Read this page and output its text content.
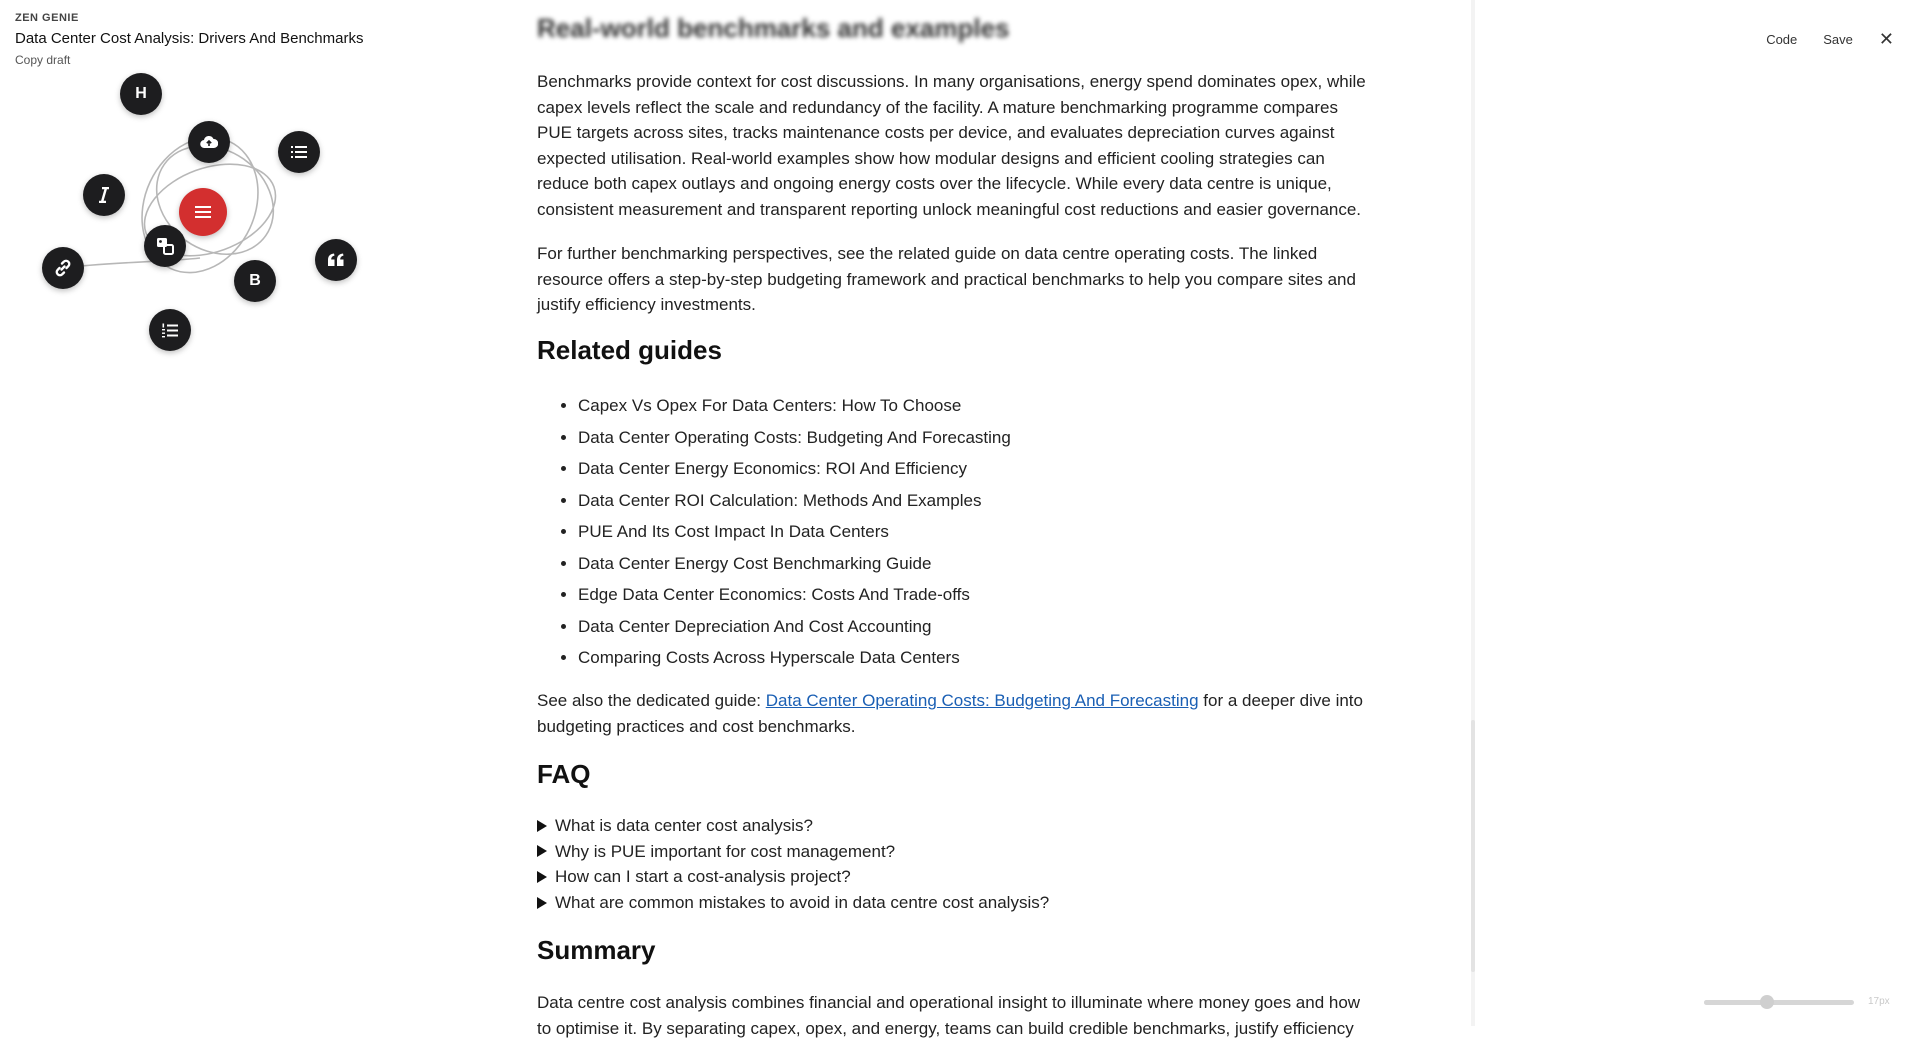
ZEN GENIE
Data Center Cost Analysis: Drivers And Benchmarks
Copy draft
H
B
Code Save ✕
Real-world benchmarks and examples

Benchmarks provide context for cost discussions. In many organisations, energy spend dominates opex, while capex levels reflect the scale and redundancy of the facility. A mature benchmarking programme compares PUE targets across sites, tracks maintenance costs per device, and evaluates depreciation curves against expected utilisation. Real-world examples show how modular designs and efficient cooling strategies can reduce both capex outlays and ongoing energy costs over the lifecycle. While every data centre is unique, consistent measurement and transparent reporting unlock meaningful cost reductions and easier governance.

For further benchmarking perspectives, see the related guide on data centre operating costs. The linked resource offers a step-by-step budgeting framework and practical benchmarks to help you compare sites and justify efficiency investments.

Related guides
• Capex Vs Opex For Data Centers: How To Choose
• Data Center Operating Costs: Budgeting And Forecasting
• Data Center Energy Economics: ROI And Efficiency
• Data Center ROI Calculation: Methods And Examples
• PUE And Its Cost Impact In Data Centers
• Data Center Energy Cost Benchmarking Guide
• Edge Data Center Economics: Costs And Trade-offs
• Data Center Depreciation And Cost Accounting
• Comparing Costs Across Hyperscale Data Centers

See also the dedicated guide: Data Center Operating Costs: Budgeting And Forecasting for a deeper dive into budgeting practices and cost benchmarks.

FAQ
What is data center cost analysis?
Why is PUE important for cost management?
How can I start a cost-analysis project?
What are common mistakes to avoid in data centre cost analysis?
Summary

Data centre cost analysis combines financial and operational insight to illuminate where money goes and how to optimise it. By separating capex, opex, and energy, teams can build credible benchmarks, justify efficiency

17px
